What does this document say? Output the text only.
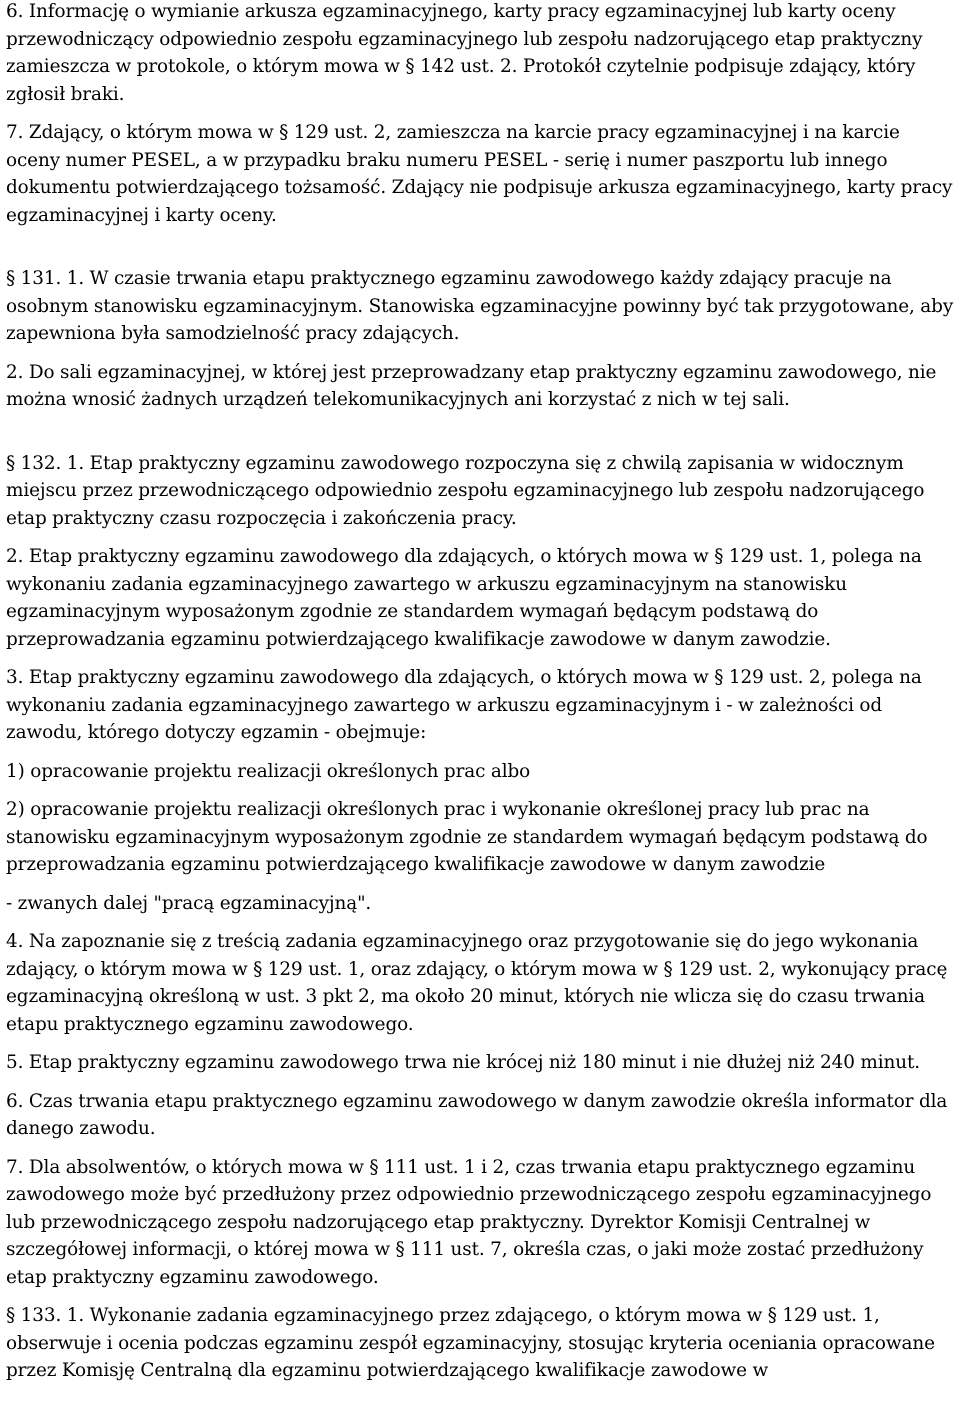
6. Informację o wymianie arkusza egzaminacyjnego, karty pracy egzaminacyjnej lub karty oceny przewodniczący odpowiednio zespołu egzaminacyjnego lub zespołu nadzorującego etap praktyczny zamieszcza w protokole, o którym mowa w § 142 ust. 2. Protokół czytelnie podpisuje zdający, który zgłosił braki.

7. Zdający, o którym mowa w § 129 ust. 2, zamieszcza na karcie pracy egzaminacyjnej i na karcie oceny numer PESEL, a w przypadku braku numeru PESEL - serię i numer paszportu lub innego dokumentu potwierdzającego tożsamość. Zdający nie podpisuje arkusza egzaminacyjnego, karty pracy egzaminacyjnej i karty oceny.

§ 131. 1. W czasie trwania etapu praktycznego egzaminu zawodowego każdy zdający pracuje na osobnym stanowisku egzaminacyjnym. Stanowiska egzaminacyjne powinny być tak przygotowane, aby zapewniona była samodzielność pracy zdających.

2. Do sali egzaminacyjnej, w której jest przeprowadzany etap praktyczny egzaminu zawodowego, nie można wnosić żadnych urządzeń telekomunikacyjnych ani korzystać z nich w tej sali.

§ 132. 1. Etap praktyczny egzaminu zawodowego rozpoczyna się z chwilą zapisania w widocznym miejscu przez przewodniczącego odpowiednio zespołu egzaminacyjnego lub zespołu nadzorującego etap praktyczny czasu rozpoczęcia i zakończenia pracy.

2. Etap praktyczny egzaminu zawodowego dla zdających, o których mowa w § 129 ust. 1, polega na wykonaniu zadania egzaminacyjnego zawartego w arkuszu egzaminacyjnym na stanowisku egzaminacyjnym wyposażonym zgodnie ze standardem wymagań będącym podstawą do przeprowadzania egzaminu potwierdzającego kwalifikacje zawodowe w danym zawodzie.

3. Etap praktyczny egzaminu zawodowego dla zdających, o których mowa w § 129 ust. 2, polega na wykonaniu zadania egzaminacyjnego zawartego w arkuszu egzaminacyjnym i - w zależności od zawodu, którego dotyczy egzamin - obejmuje:

1) opracowanie projektu realizacji określonych prac albo

2) opracowanie projektu realizacji określonych prac i wykonanie określonej pracy lub prac na stanowisku egzaminacyjnym wyposażonym zgodnie ze standardem wymagań będącym podstawą do przeprowadzania egzaminu potwierdzającego kwalifikacje zawodowe w danym zawodzie

- zwanych dalej "pracą egzaminacyjną".

4. Na zapoznanie się z treścią zadania egzaminacyjnego oraz przygotowanie się do jego wykonania zdający, o którym mowa w § 129 ust. 1, oraz zdający, o którym mowa w § 129 ust. 2, wykonujący pracę egzaminacyjną określoną w ust. 3 pkt 2, ma około 20 minut, których nie wlicza się do czasu trwania etapu praktycznego egzaminu zawodowego.

5. Etap praktyczny egzaminu zawodowego trwa nie krócej niż 180 minut i nie dłużej niż 240 minut.

6. Czas trwania etapu praktycznego egzaminu zawodowego w danym zawodzie określa informator dla danego zawodu.

7. Dla absolwentów, o których mowa w § 111 ust. 1 i 2, czas trwania etapu praktycznego egzaminu zawodowego może być przedłużony przez odpowiednio przewodniczącego zespołu egzaminacyjnego lub przewodniczącego zespołu nadzorującego etap praktyczny. Dyrektor Komisji Centralnej w szczegółowej informacji, o której mowa w § 111 ust. 7, określa czas, o jaki może zostać przedłużony etap praktyczny egzaminu zawodowego.

§ 133. 1. Wykonanie zadania egzaminacyjnego przez zdającego, o którym mowa w § 129 ust. 1, obserwuje i ocenia podczas egzaminu zespół egzaminacyjny, stosując kryteria oceniania opracowane przez Komisję Centralną dla egzaminu potwierdzającego kwalifikacje zawodowe w
